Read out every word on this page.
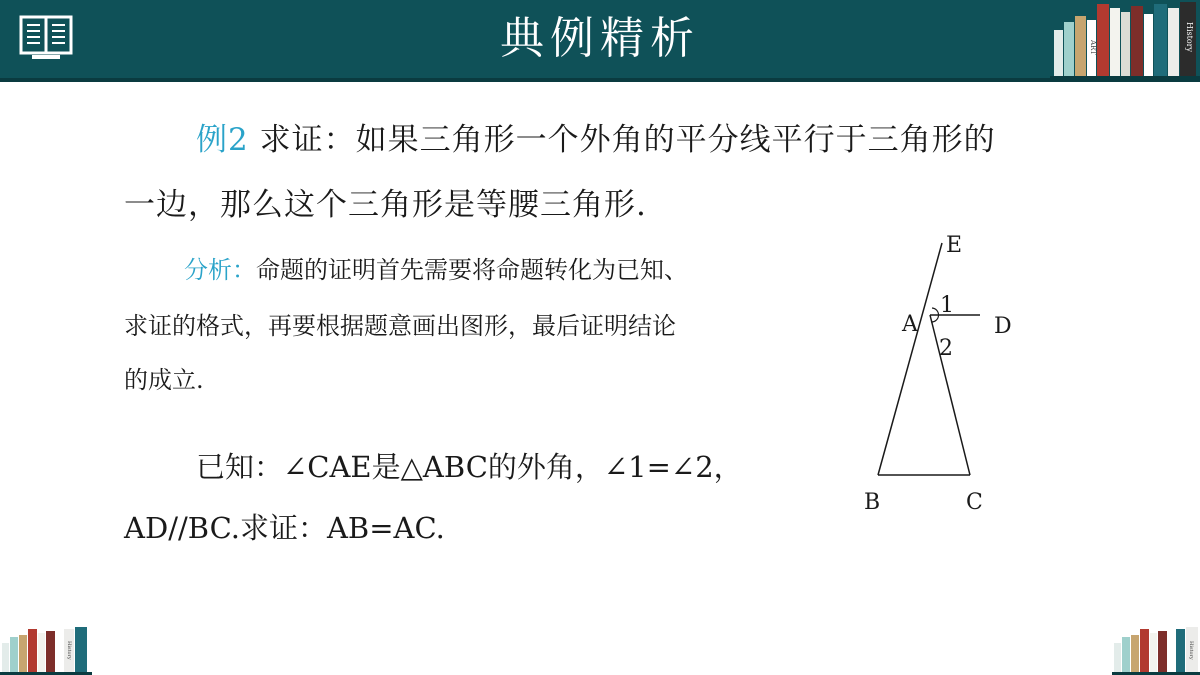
典例精析	ART	History
例2 求证：如果三角形一个外角的平分线平行于三角形的
一边，那么这个三角形是等腰三角形.
分析：命题的证明首先需要将命题转化为已知、
求证的格式，再要根据题意画出图形，最后证明结论
的成立.
已知：∠CAE是△ABC的外角，∠1=∠2，
AD//BC.求证：AB=AC.
E
A	D
1
2
B	C
History	History
